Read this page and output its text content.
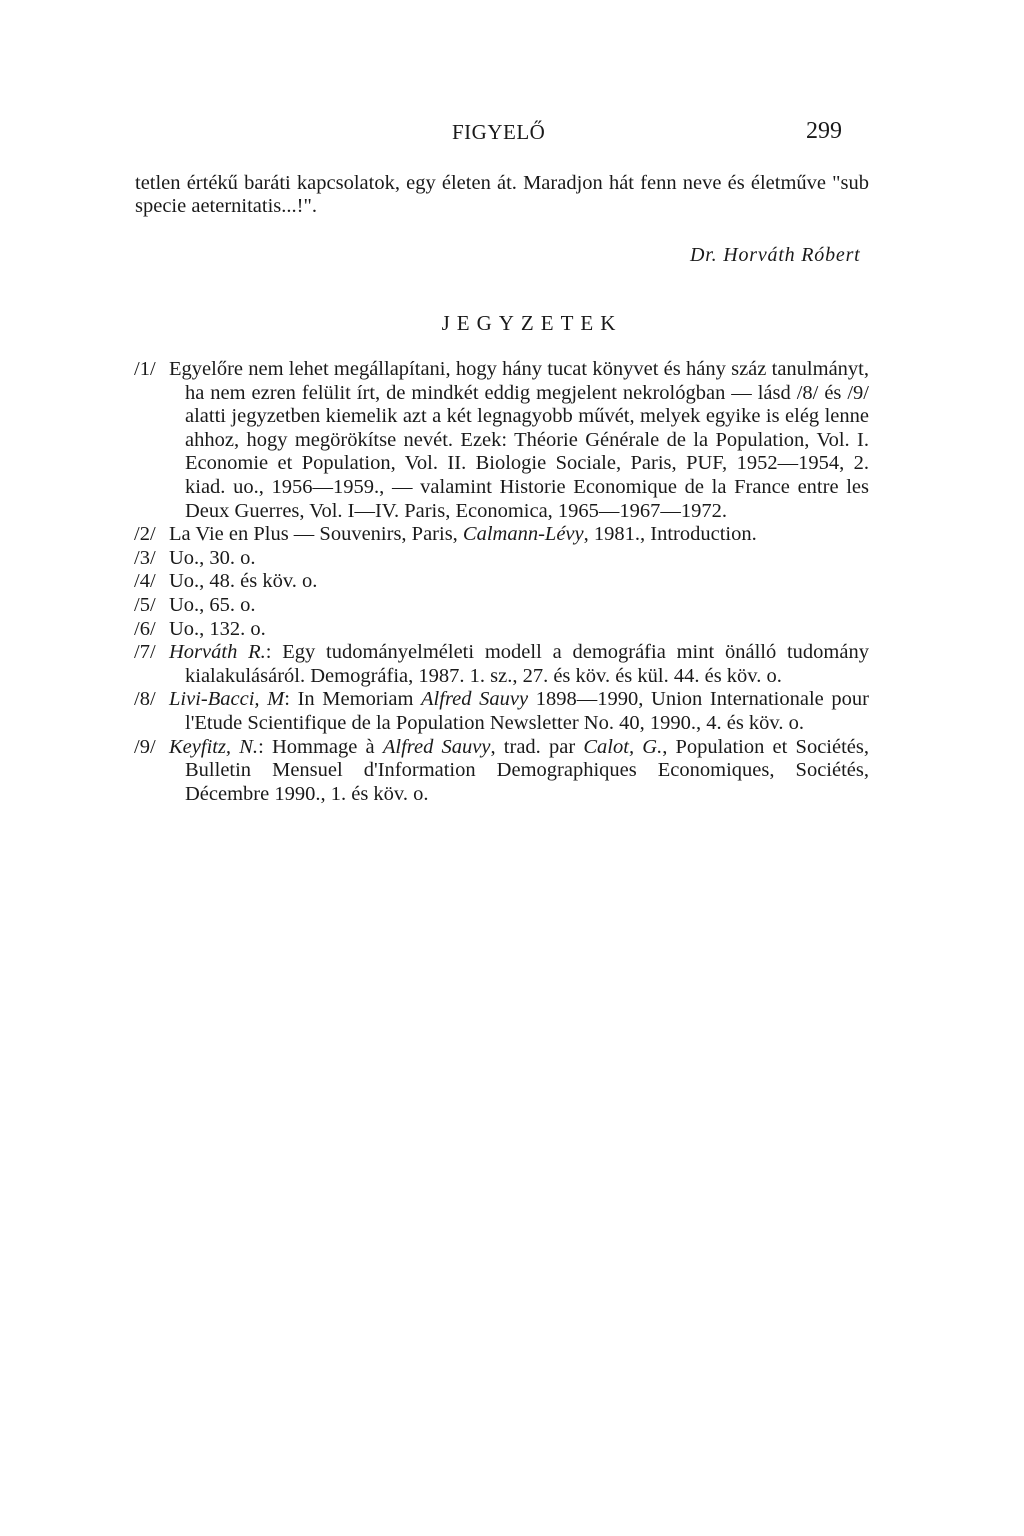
FIGYELŐ	299

tetlen értékű baráti kapcsolatok, egy életen át. Maradjon hát fenn neve és életműve "sub specie aeternitatis...!".

Dr. Horváth Róbert
JEGYZETEK
/1/ Egyelőre nem lehet megállapítani, hogy hány tucat könyvet és hány száz tanulmányt, ha nem ezren felülit írt, de mindkét eddig megjelent nekrológban — lásd /8/ és /9/ alatti jegyzetben kiemelik azt a két legnagyobb művét, melyek egyike is elég lenne ahhoz, hogy megörökítse nevét. Ezek: Théorie Générale de la Population, Vol. I. Economie et Population, Vol. II. Biologie Sociale, Paris, PUF, 1952—1954, 2. kiad. uo., 1956—1959., — valamint Historie Economique de la France entre les Deux Guerres, Vol. I—IV. Paris, Economica, 1965—1967—1972.
/2/ La Vie en Plus — Souvenirs, Paris, Calmann-Lévy, 1981., Introduction.
/3/ Uo., 30. o.
/4/ Uo., 48. és köv. o.
/5/ Uo., 65. o.
/6/ Uo., 132. o.
/7/ Horváth R.: Egy tudományelméleti modell a demográfia mint önálló tudomány kialakulásáról. Demográfia, 1987. 1. sz., 27. és köv. és kül. 44. és köv. o.
/8/ Livi-Bacci, M: In Memoriam Alfred Sauvy 1898—1990, Union Internationale pour l'Etude Scientifique de la Population Newsletter No. 40, 1990., 4. és köv. o.
/9/ Keyfitz, N.: Hommage à Alfred Sauvy, trad. par Calot, G., Population et Sociétés, Bulletin Mensuel d'Information Demographiques Economiques, Sociétés, Décembre 1990., 1. és köv. o.
